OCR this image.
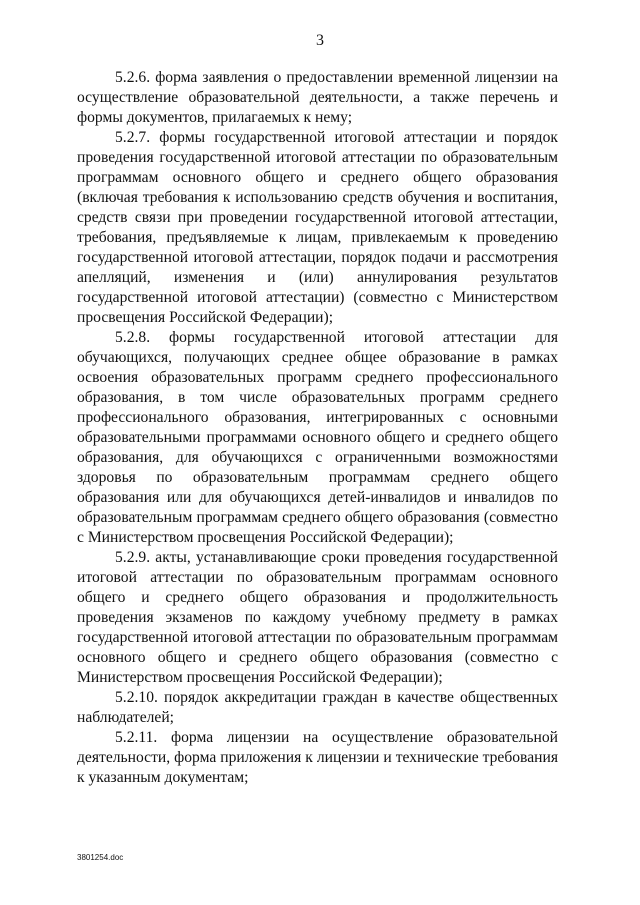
3

5.2.6. форма заявления о предоставлении временной лицензии на осуществление образовательной деятельности, а также перечень и формы документов, прилагаемых к нему;

5.2.7. формы государственной итоговой аттестации и порядок проведения государственной итоговой аттестации по образовательным программам основного общего и среднего общего образования (включая требования к использованию средств обучения и воспитания, средств связи при проведении государственной итоговой аттестации, требования, предъявляемые к лицам, привлекаемым к проведению государственной итоговой аттестации, порядок подачи и рассмотрения апелляций, изменения и (или) аннулирования результатов государственной итоговой аттестации) (совместно с Министерством просвещения Российской Федерации);

5.2.8. формы государственной итоговой аттестации для обучающихся, получающих среднее общее образование в рамках освоения образовательных программ среднего профессионального образования, в том числе образовательных программ среднего профессионального образования, интегрированных с основными образовательными программами основного общего и среднего общего образования, для обучающихся с ограниченными возможностями здоровья по образовательным программам среднего общего образования или для обучающихся детей-инвалидов и инвалидов по образовательным программам среднего общего образования (совместно с Министерством просвещения Российской Федерации);

5.2.9. акты, устанавливающие сроки проведения государственной итоговой аттестации по образовательным программам основного общего и среднего общего образования и продолжительность проведения экзаменов по каждому учебному предмету в рамках государственной итоговой аттестации по образовательным программам основного общего и среднего общего образования (совместно с Министерством просвещения Российской Федерации);

5.2.10. порядок аккредитации граждан в качестве общественных наблюдателей;

5.2.11. форма лицензии на осуществление образовательной деятельности, форма приложения к лицензии и технические требования к указанным документам;

3801254.doc
